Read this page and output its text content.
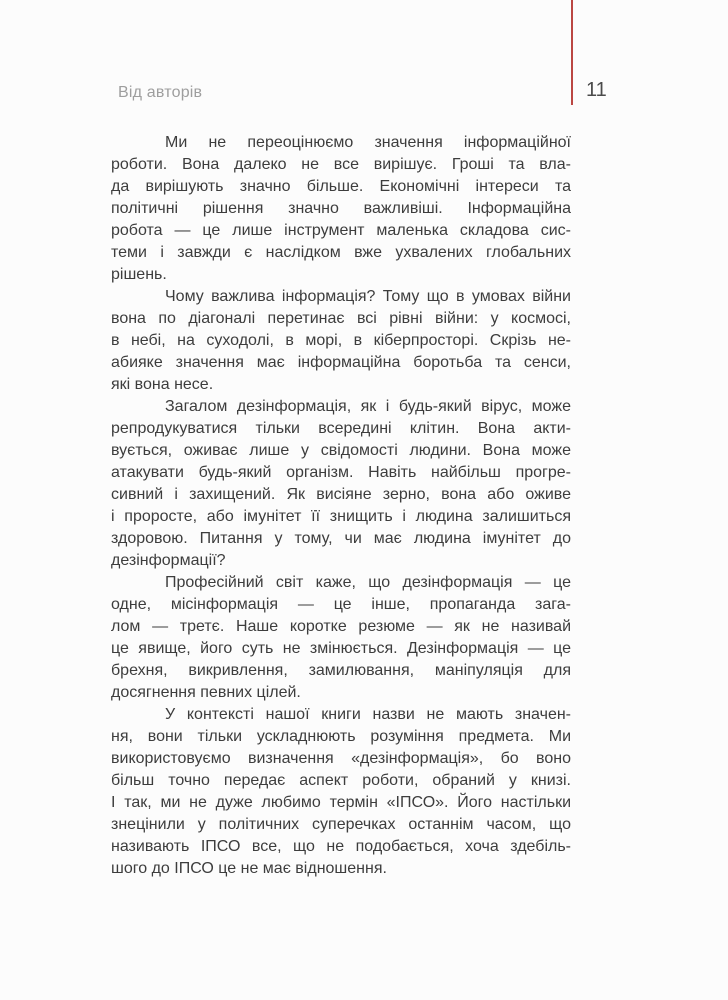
Від авторів	11
Ми не переоцінюємо значення інформаційної
роботи. Вона далеко не все вирішує. Гроші та вла-
да вирішують значно більше. Економічні інтереси та
політичні рішення значно важливіші. Інформаційна
робота — це лише інструмент маленька складова сис-
теми і завжди є наслідком вже ухвалених глобальних
рішень.
Чому важлива інформація? Тому що в умовах війни
вона по діагоналі перетинає всі рівні війни: у космосі,
в небі, на суходолі, в морі, в кіберпросторі. Скрізь не-
абияке значення має інформаційна боротьба та сенси,
які вона несе.
Загалом дезінформація, як і будь-який вірус, може
репродукуватися тільки всередині клітин. Вона акти-
вується, оживає лише у свідомості людини. Вона може
атакувати будь-який організм. Навіть найбільш прогре-
сивний і захищений. Як висіяне зерно, вона або оживе
і проросте, або імунітет її знищить і людина залишиться
здоровою. Питання у тому, чи має людина імунітет до
дезінформації?
Професійний світ каже, що дезінформація — це
одне, місінформація — це інше, пропаганда зага-
лом — третє. Наше коротке резюме — як не називай
це явище, його суть не змінюється. Дезінформація — це
брехня, викривлення, замилювання, маніпуляція для
досягнення певних цілей.
У контексті нашої книги назви не мають значен-
ня, вони тільки ускладнюють розуміння предмета. Ми
використовуємо визначення «дезінформація», бо воно
більш точно передає аспект роботи, обраний у книзі.
І так, ми не дуже любимо термін «ІПСО». Його настільки
знецінили у політичних суперечках останнім часом, що
називають ІПСО все, що не подобається, хоча здебіль-
шого до ІПСО це не має відношення.
